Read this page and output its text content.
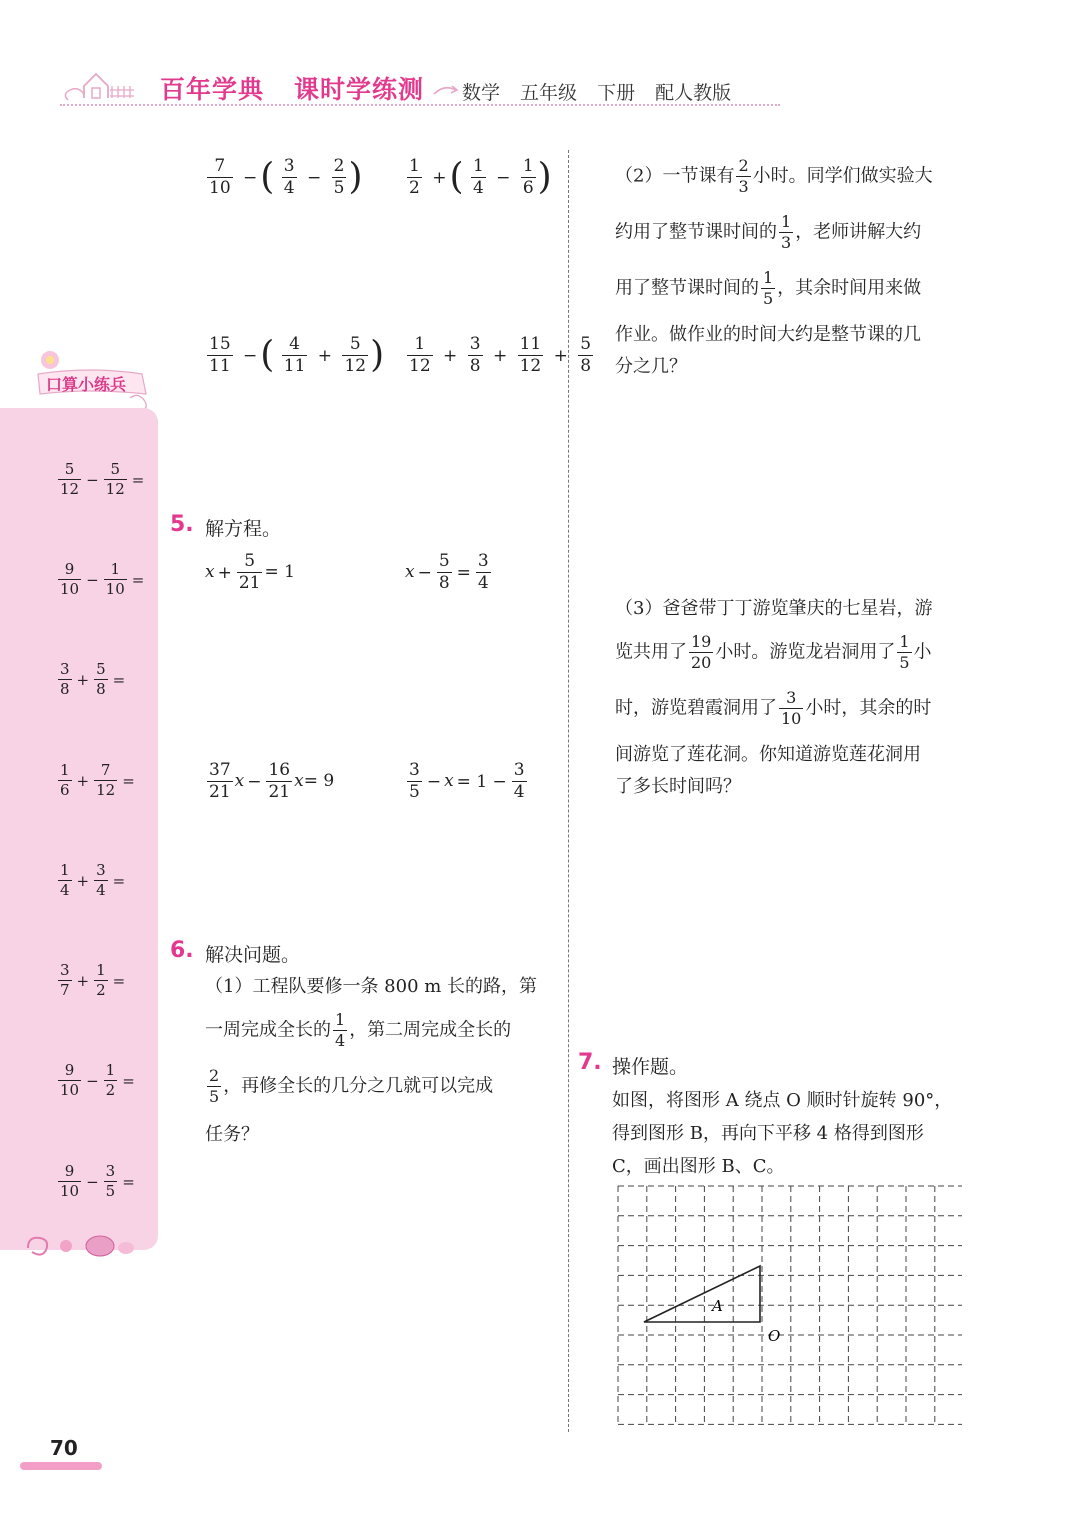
百年学典 课时学练测 数学 五年级 下册 配人教版
口算小练兵
$\frac{5}{12} - \frac{5}{12}$ =
$\frac{9}{10} - \frac{1}{10}$ =
$\frac{3}{8} + \frac{5}{8}$ =
$\frac{1}{6} + \frac{7}{12}$ =
$\frac{1}{4} + \frac{3}{4}$ =
$\frac{3}{7} + \frac{1}{2}$ =
$\frac{9}{10} - \frac{1}{2}$ =
$\frac{9}{10} - \frac{3}{5}$ =
$\frac{7}{10}$ −( $\frac{3}{4} - \frac{2}{5}$ )	$\frac{1}{2}$ +( $\frac{1}{4} - \frac{1}{6}$ )
$\frac{15}{11}$ −( $\frac{4}{11} + \frac{5}{12}$ ) $\frac{1}{12} + \frac{3}{8} + \frac{11}{12} + \frac{5}{8}$
5. 解方程。
$x + \frac{5}{21} = 1$	$x - \frac{5}{8} = \frac{3}{4}$
$\frac{37}{21}$ $x - \frac{16}{21} x= 9$	$\frac{3}{5} - x = 1 - \frac{3}{4}$
6. 解决问题。
（1）工程队要修一条 800 m 长的路，第
一周完成全长的 $\frac{1}{4}$ ，第二周完成全长的
$\frac{2}{5}$ ，再修全长的几分之几就可以完成
任务？
（2）一节课有 $\frac{2}{3}$ 小时。同学们做实验大
约用了整节课时间的 $\frac{1}{3}$ ，老师讲解大约
用了整节课时间的 $\frac{1}{5}$ ，其余时间用来做
作业。做作业的时间大约是整节课的几
分之几？
（3）爸爸带丁丁游览肇庆的七星岩，游
览共用了 $\frac{19}{20}$ 小时。游览龙岩洞用了 $\frac{1}{5}$ 小
时，游览碧霞洞用了 $\frac{3}{10}$ 小时，其余的时
间游览了莲花洞。你知道游览莲花洞用
了多长时间吗？
7. 操作题。
如图，将图形 A 绕点 O 顺时针旋转 90°，
得到图形 B，再向下平移 4 格得到图形
C，画出图形 B、C。
A
O
70
